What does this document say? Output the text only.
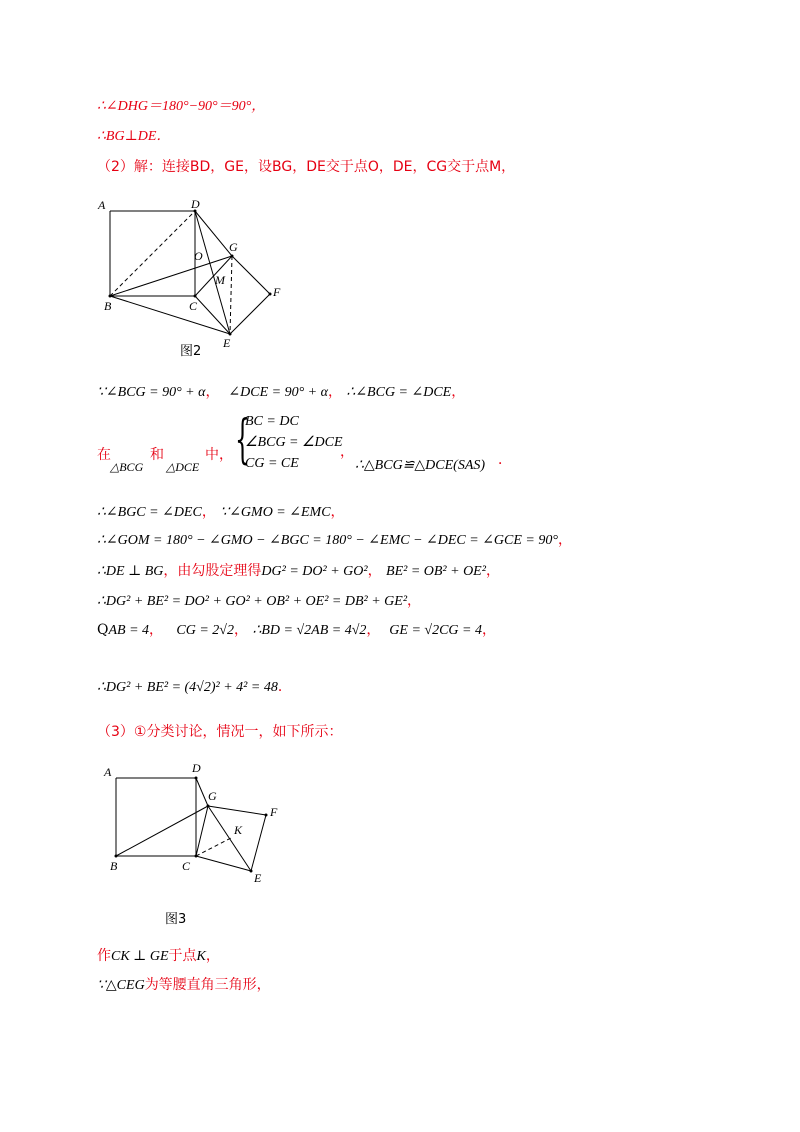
∴∠DHG＝180°−90°＝90°，
∴BG⊥DE．
（2）解：连接BD，GE，设BG，DE交于点O，DE，CG交于点M，
A	D
G
O
M
F
B	C
E
图2
∵∠BCG = 90° + α， ∠DCE = 90° + α， ∴∠BCG = ∠DCE，
在	和	中，
△BCG △DCE {
BC = DC
∠BCG = ∠DCE
CG = CE
，
∴△BCG≌△DCE(SAS) ．
∴∠BGC = ∠DEC， ∵∠GMO = ∠EMC，
∴∠GOM = 180° − ∠GMO − ∠BGC = 180° − ∠EMC − ∠DEC = ∠GCE = 90°，
∴DE ⊥ BG，由勾股定理得DG² = DO² + GO²， BE² = OB² + OE²，
∴DG² + BE² = DO² + GO² + OB² + OE² = DB² + GE²，
QAB = 4， CG = 2√2， ∴BD = √2AB = 4√2， GE = √2CG = 4，
∴DG² + BE² = (4√2)² + 4² = 48．
（3）①分类讨论，情况一，如下所示：
A	D
G
F
K
B	C
E
图3
作CK ⊥ GE于点K，
∵△CEG为等腰直角三角形，
